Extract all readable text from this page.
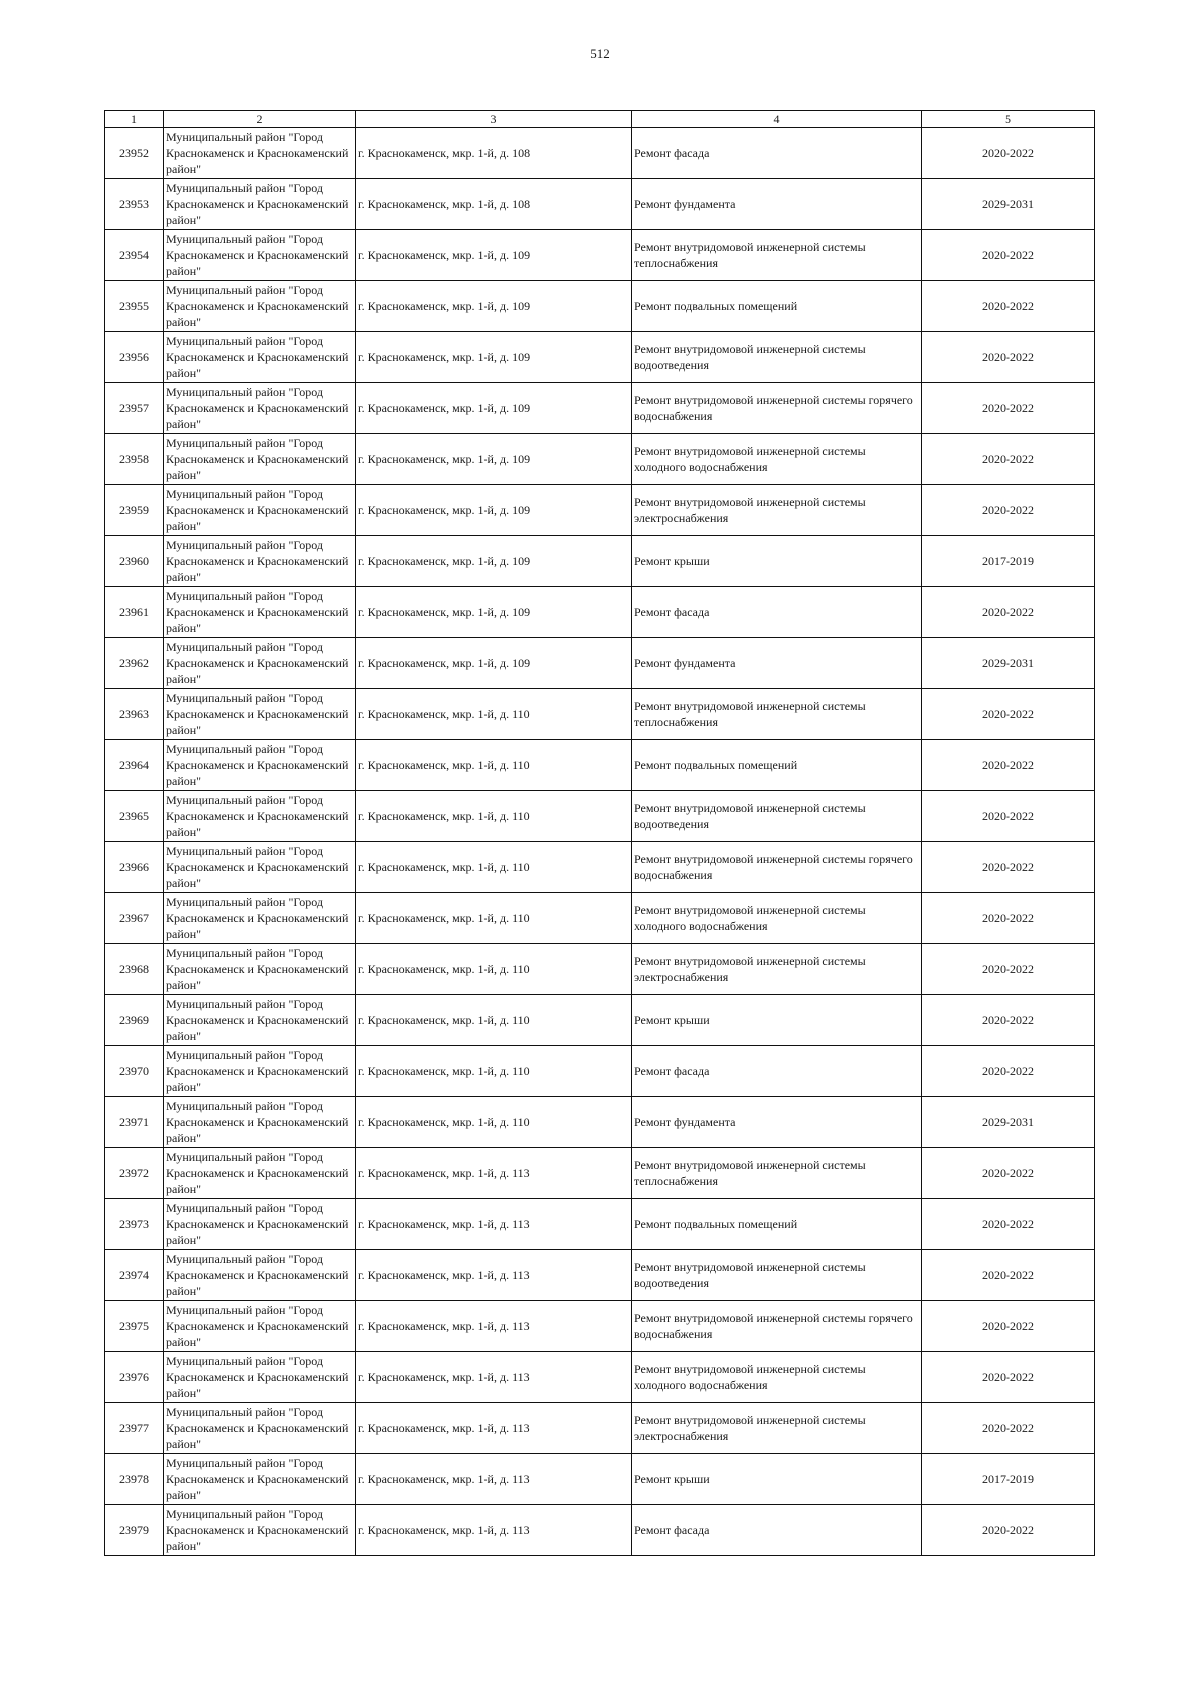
512
1	2	3	4	5
23952	Муниципальный район "Город Краснокаменск и Краснокаменский район"	г. Краснокаменск, мкр. 1-й, д. 108	Ремонт фасада	2020-2022
23953	Муниципальный район "Город Краснокаменск и Краснокаменский район"	г. Краснокаменск, мкр. 1-й, д. 108	Ремонт фундамента	2029-2031
23954	Муниципальный район "Город Краснокаменск и Краснокаменский район"	г. Краснокаменск, мкр. 1-й, д. 109	Ремонт внутридомовой инженерной системы теплоснабжения	2020-2022
23955	Муниципальный район "Город Краснокаменск и Краснокаменский район"	г. Краснокаменск, мкр. 1-й, д. 109	Ремонт подвальных помещений	2020-2022
23956	Муниципальный район "Город Краснокаменск и Краснокаменский район"	г. Краснокаменск, мкр. 1-й, д. 109	Ремонт внутридомовой инженерной системы водоотведения	2020-2022
23957	Муниципальный район "Город Краснокаменск и Краснокаменский район"	г. Краснокаменск, мкр. 1-й, д. 109	Ремонт внутридомовой инженерной системы горячего водоснабжения	2020-2022
23958	Муниципальный район "Город Краснокаменск и Краснокаменский район"	г. Краснокаменск, мкр. 1-й, д. 109	Ремонт внутридомовой инженерной системы холодного водоснабжения	2020-2022
23959	Муниципальный район "Город Краснокаменск и Краснокаменский район"	г. Краснокаменск, мкр. 1-й, д. 109	Ремонт внутридомовой инженерной системы электроснабжения	2020-2022
23960	Муниципальный район "Город Краснокаменск и Краснокаменский район"	г. Краснокаменск, мкр. 1-й, д. 109	Ремонт крыши	2017-2019
23961	Муниципальный район "Город Краснокаменск и Краснокаменский район"	г. Краснокаменск, мкр. 1-й, д. 109	Ремонт фасада	2020-2022
23962	Муниципальный район "Город Краснокаменск и Краснокаменский район"	г. Краснокаменск, мкр. 1-й, д. 109	Ремонт фундамента	2029-2031
23963	Муниципальный район "Город Краснокаменск и Краснокаменский район"	г. Краснокаменск, мкр. 1-й, д. 110	Ремонт внутридомовой инженерной системы теплоснабжения	2020-2022
23964	Муниципальный район "Город Краснокаменск и Краснокаменский район"	г. Краснокаменск, мкр. 1-й, д. 110	Ремонт подвальных помещений	2020-2022
23965	Муниципальный район "Город Краснокаменск и Краснокаменский район"	г. Краснокаменск, мкр. 1-й, д. 110	Ремонт внутридомовой инженерной системы водоотведения	2020-2022
23966	Муниципальный район "Город Краснокаменск и Краснокаменский район"	г. Краснокаменск, мкр. 1-й, д. 110	Ремонт внутридомовой инженерной системы горячего водоснабжения	2020-2022
23967	Муниципальный район "Город Краснокаменск и Краснокаменский район"	г. Краснокаменск, мкр. 1-й, д. 110	Ремонт внутридомовой инженерной системы холодного водоснабжения	2020-2022
23968	Муниципальный район "Город Краснокаменск и Краснокаменский район"	г. Краснокаменск, мкр. 1-й, д. 110	Ремонт внутридомовой инженерной системы электроснабжения	2020-2022
23969	Муниципальный район "Город Краснокаменск и Краснокаменский район"	г. Краснокаменск, мкр. 1-й, д. 110	Ремонт крыши	2020-2022
23970	Муниципальный район "Город Краснокаменск и Краснокаменский район"	г. Краснокаменск, мкр. 1-й, д. 110	Ремонт фасада	2020-2022
23971	Муниципальный район "Город Краснокаменск и Краснокаменский район"	г. Краснокаменск, мкр. 1-й, д. 110	Ремонт фундамента	2029-2031
23972	Муниципальный район "Город Краснокаменск и Краснокаменский район"	г. Краснокаменск, мкр. 1-й, д. 113	Ремонт внутридомовой инженерной системы теплоснабжения	2020-2022
23973	Муниципальный район "Город Краснокаменск и Краснокаменский район"	г. Краснокаменск, мкр. 1-й, д. 113	Ремонт подвальных помещений	2020-2022
23974	Муниципальный район "Город Краснокаменск и Краснокаменский район"	г. Краснокаменск, мкр. 1-й, д. 113	Ремонт внутридомовой инженерной системы водоотведения	2020-2022
23975	Муниципальный район "Город Краснокаменск и Краснокаменский район"	г. Краснокаменск, мкр. 1-й, д. 113	Ремонт внутридомовой инженерной системы горячего водоснабжения	2020-2022
23976	Муниципальный район "Город Краснокаменск и Краснокаменский район"	г. Краснокаменск, мкр. 1-й, д. 113	Ремонт внутридомовой инженерной системы холодного водоснабжения	2020-2022
23977	Муниципальный район "Город Краснокаменск и Краснокаменский район"	г. Краснокаменск, мкр. 1-й, д. 113	Ремонт внутридомовой инженерной системы электроснабжения	2020-2022
23978	Муниципальный район "Город Краснокаменск и Краснокаменский район"	г. Краснокаменск, мкр. 1-й, д. 113	Ремонт крыши	2017-2019
23979	Муниципальный район "Город Краснокаменск и Краснокаменский район"	г. Краснокаменск, мкр. 1-й, д. 113	Ремонт фасада	2020-2022
